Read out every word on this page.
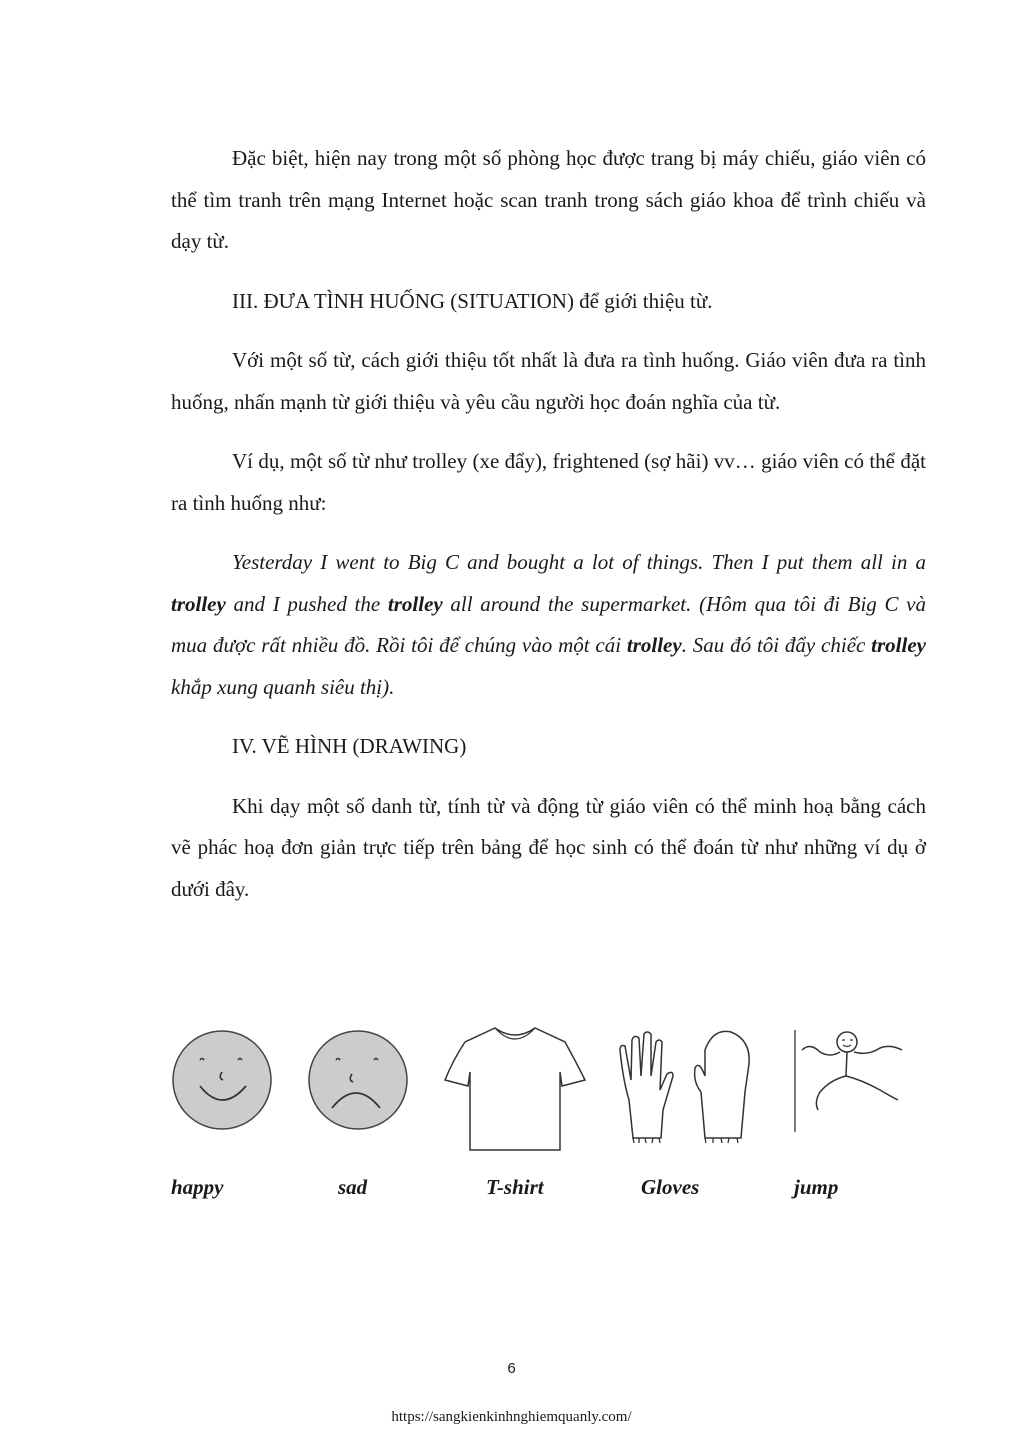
Đặc biệt, hiện nay trong một số phòng học được trang bị máy chiếu, giáo viên có thể tìm tranh trên mạng Internet hoặc scan tranh trong sách giáo khoa để trình chiếu và dạy từ.

III. ĐƯA TÌNH HUỐNG (SITUATION) để giới thiệu từ.

Với một số từ, cách giới thiệu tốt nhất là đưa ra tình huống. Giáo viên đưa ra tình huống, nhấn mạnh từ giới thiệu và yêu cầu người học đoán nghĩa của từ.

Ví dụ, một số từ như trolley (xe đẩy), frightened (sợ hãi) vv… giáo viên có thể đặt ra tình huống như:

Yesterday I went to Big C and bought a lot of things. Then I put them all in a trolley and I pushed the trolley all around the supermarket. (Hôm qua tôi đi Big C và mua được rất nhiều đồ. Rồi tôi để chúng vào một cái trolley. Sau đó tôi đẩy chiếc trolley khắp xung quanh siêu thị).

IV. VẼ HÌNH (DRAWING)

Khi dạy một số danh từ, tính từ và động từ giáo viên có thể minh hoạ bằng cách vẽ phác hoạ đơn giản trực tiếp trên bảng để học sinh có thể đoán từ như những ví dụ ở dưới đây.

happy	sad	T-shirt	Gloves	jump
6
https://sangkienkinhnghiemquanly.com/
